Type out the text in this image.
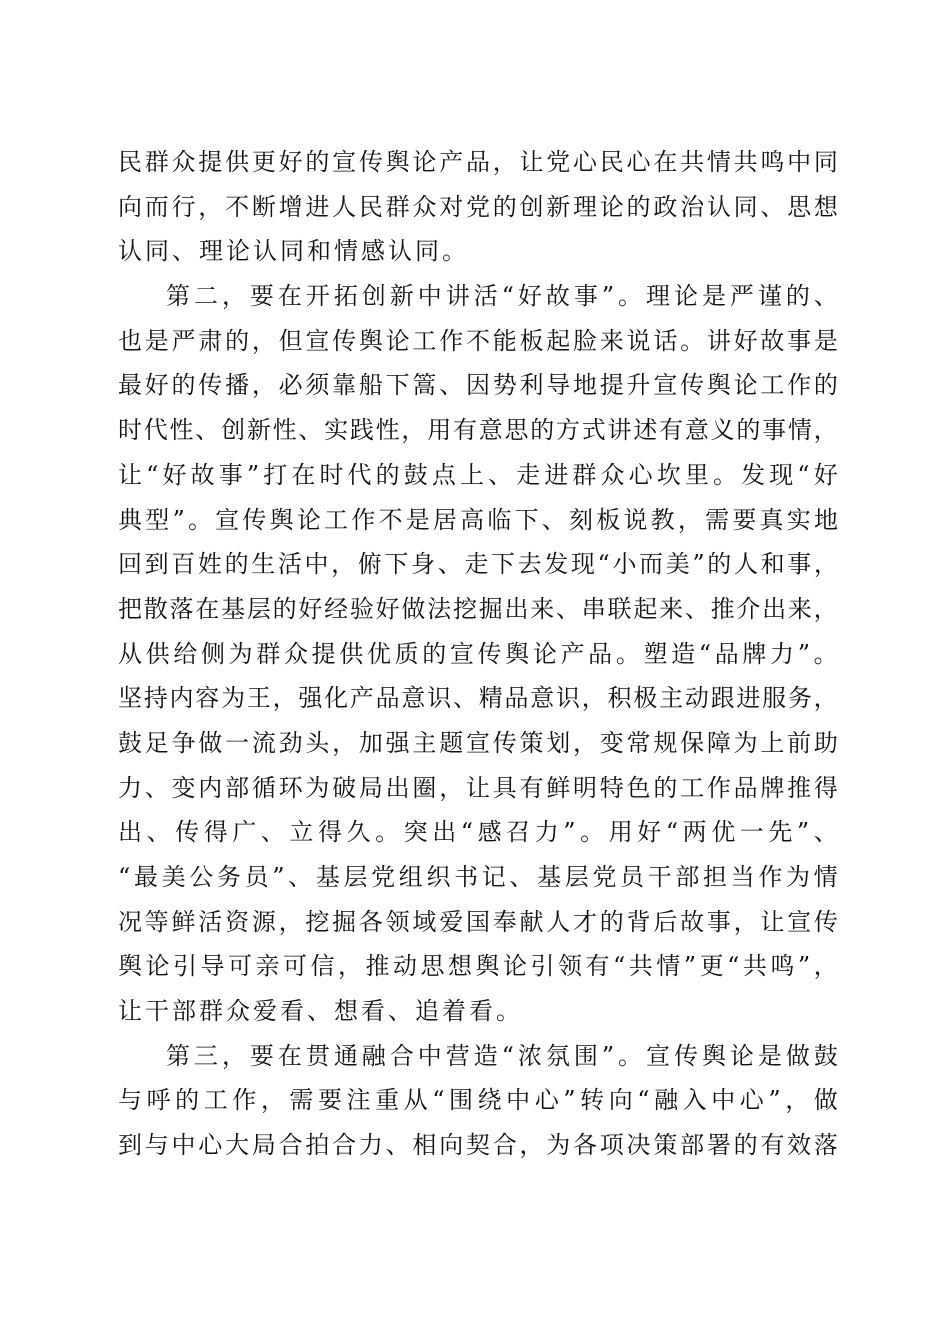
民 群 众 提 供 更 好 的 宣 传 舆 论 产 品 ， 让 党 心 民 心 在 共 情 共 鸣 中 同
向 而 行 ， 不 断 增 进 人 民 群 众 对 党 的 创 新 理 论 的 政 治 认 同 、 思 想
认同、理论认同和情感认同。
第 二 ， 要 在 开 拓 创 新 中 讲 活 “ 好 故 事 ” 。 理 论 是 严 谨 的 、
也 是 严 肃 的 ， 但 宣 传 舆 论 工 作 不 能 板 起 脸 来 说 话 。 讲 好 故 事 是
最 好 的 传 播 ， 必 须 靠 船 下 篙 、 因 势 利 导 地 提 升 宣 传 舆 论 工 作 的
时 代 性 、 创 新 性 、 实 践 性 ， 用 有 意 思 的 方 式 讲 述 有 意 义 的 事 情 ，
让 “ 好 故 事 ” 打 在 时 代 的 鼓 点 上 、 走 进 群 众 心 坎 里 。 发 现 “ 好
典 型 ” 。 宣 传 舆 论 工 作 不 是 居 高 临 下 、 刻 板 说 教 ， 需 要 真 实 地
回 到 百 姓 的 生 活 中 ， 俯 下 身 、 走 下 去 发 现 “ 小 而 美 ” 的 人 和 事 ，
把 散 落 在 基 层 的 好 经 验 好 做 法 挖 掘 出 来 、 串 联 起 来 、 推 介 出 来 ，
从 供 给 侧 为 群 众 提 供 优 质 的 宣 传 舆 论 产 品 。 塑 造 “ 品 牌 力 ” 。
坚 持 内 容 为 王 ， 强 化 产 品 意 识 、 精 品 意 识 ， 积 极 主 动 跟 进 服 务 ，
鼓 足 争 做 一 流 劲 头 ， 加 强 主 题 宣 传 策 划 ， 变 常 规 保 障 为 上 前 助
力 、 变 内 部 循 环 为 破 局 出 圈 ， 让 具 有 鲜 明 特 色 的 工 作 品 牌 推 得
出 、 传 得 广 、 立 得 久 。 突 出 “ 感 召 力 ” 。 用 好 “ 两 优 一 先 ” 、
“ 最 美 公 务 员 ” 、 基 层 党 组 织 书 记 、 基 层 党 员 干 部 担 当 作 为 情
况 等 鲜 活 资 源 ， 挖 掘 各 领 域 爱 国 奉 献 人 才 的 背 后 故 事 ， 让 宣 传
舆 论 引 导 可 亲 可 信 ， 推 动 思 想 舆 论 引 领 有 “ 共 情 ” 更 “ 共 鸣 ” ，
让干部群众爱看、想看、追着看。
第 三 ， 要 在 贯 通 融 合 中 营 造 “ 浓 氛 围 ” 。 宣 传 舆 论 是 做 鼓
与 呼 的 工 作 ， 需 要 注 重 从 “ 围 绕 中 心 ” 转 向 “ 融 入 中 心 ” ， 做
到 与 中 心 大 局 合 拍 合 力 、 相 向 契 合 ， 为 各 项 决 策 部 署 的 有 效 落
